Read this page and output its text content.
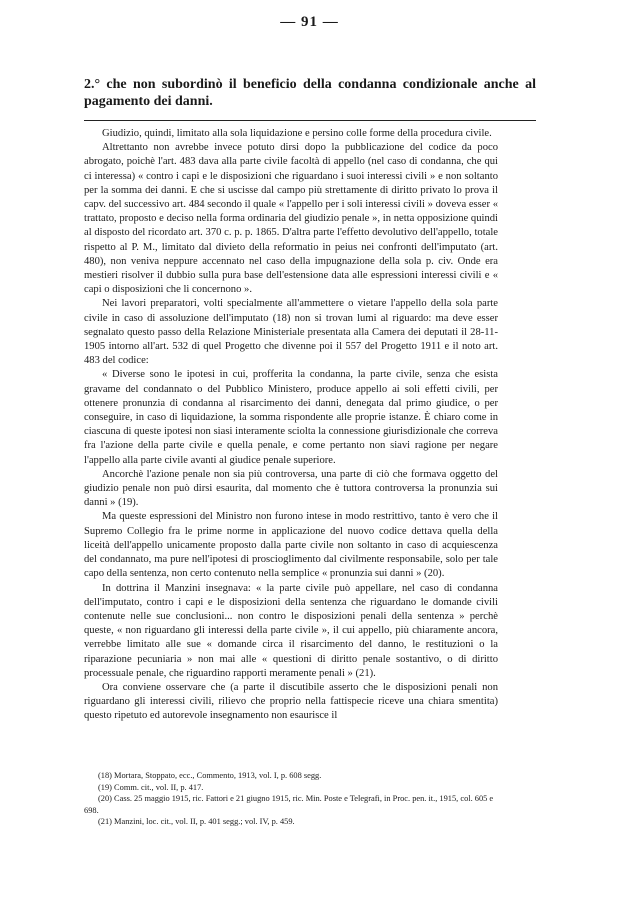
— 91 —
2.° che non subordinò il beneficio della condanna condizionale anche al pagamento dei danni.

Giudizio, quindi, limitato alla sola liquidazione e persino colle forme della procedura civile.

Altrettanto non avrebbe invece potuto dirsi dopo la pubblicazione del codice da poco abrogato, poichè l'art. 483 dava alla parte civile facoltà di appello (nel caso di condanna, che qui ci interessa) « contro i capi e le disposizioni che riguardano i suoi interessi civili » e non soltanto per la somma dei danni. E che si uscisse dal campo più strettamente di diritto privato lo prova il capv. del successivo art. 484 secondo il quale « l'appello per i soli interessi civili » doveva esser « trattato, proposto e deciso nella forma ordinaria del giudizio penale », in netta opposizione quindi al disposto del ricordato art. 370 c. p. p. 1865. D'altra parte l'effetto devolutivo dell'appello, totale rispetto al P. M., limitato dal divieto della reformatio in peius nei confronti dell'imputato (art. 480), non veniva neppure accennato nel caso della impugnazione della sola p. civ. Onde era mestieri risolver il dubbio sulla pura base dell'estensione data alle espressioni interessi civili e « capi o disposizioni che li concernono ».

Nei lavori preparatori, volti specialmente all'ammettere o vietare l'appello della sola parte civile in caso di assoluzione dell'imputato (18) non si trovan lumi al riguardo: ma deve esser segnalato questo passo della Relazione Ministeriale presentata alla Camera dei deputati il 28-11-1905 intorno all'art. 532 di quel Progetto che divenne poi il 557 del Progetto 1911 e il noto art. 483 del codice:

« Diverse sono le ipotesi in cui, profferita la condanna, la parte civile, senza che esista gravame del condannato o del Pubblico Ministero, produce appello ai soli effetti civili, per ottenere pronunzia di condanna al risarcimento dei danni, denegata dal primo giudice, o per conseguire, in caso di liquidazione, la somma rispondente alle proprie istanze. È chiaro come in ciascuna di queste ipotesi non siasi interamente sciolta la connessione giurisdizionale che correva fra l'azione della parte civile e quella penale, e come pertanto non siavi ragione per negare l'appello alla parte civile avanti al giudice penale superiore.

Ancorchè l'azione penale non sia più controversa, una parte di ciò che formava oggetto del giudizio penale non può dirsi esaurita, dal momento che è tuttora controversa la pronunzia sui danni » (19).

Ma queste espressioni del Ministro non furono intese in modo restrittivo, tanto è vero che il Supremo Collegio fra le prime norme in applicazione del nuovo codice dettava quella della liceità dell'appello unicamente proposto dalla parte civile non soltanto in caso di acquiescenza del condannato, ma pure nell'ipotesi di proscioglimento dal civilmente responsabile, solo per tale capo della sentenza, non certo contenuto nella semplice « pronunzia sui danni » (20).

In dottrina il Manzini insegnava: « la parte civile può appellare, nel caso di condanna dell'imputato, contro i capi e le disposizioni della sentenza che riguardano le domande civili contenute nelle sue conclusioni... non contro le disposizioni penali della sentenza » perchè queste, « non riguardano gli interessi della parte civile », il cui appello, più chiaramente ancora, verrebbe limitato alle sue « domande circa il risarcimento del danno, le restituzioni o la riparazione pecuniaria » non mai alle « questioni di diritto penale sostantivo, o di diritto processuale penale, che riguardino rapporti meramente penali » (21).

Ora conviene osservare che (a parte il discutibile asserto che le disposizioni penali non riguardano gli interessi civili, rilievo che proprio nella fattispecie riceve una chiara smentita) questo ripetuto ed autorevole insegnamento non esaurisce il

(18) Mortara, Stoppato, ecc., Commento, 1913, vol. I, p. 608 segg.

(19) Comm. cit., vol. II, p. 417.

(20) Cass. 25 maggio 1915, ric. Fattori e 21 giugno 1915, ric. Min. Poste e Telegrafi, in Proc. pen. it., 1915, col. 605 e 698.

(21) Manzini, loc. cit., vol. II, p. 401 segg.; vol. IV, p. 459.
